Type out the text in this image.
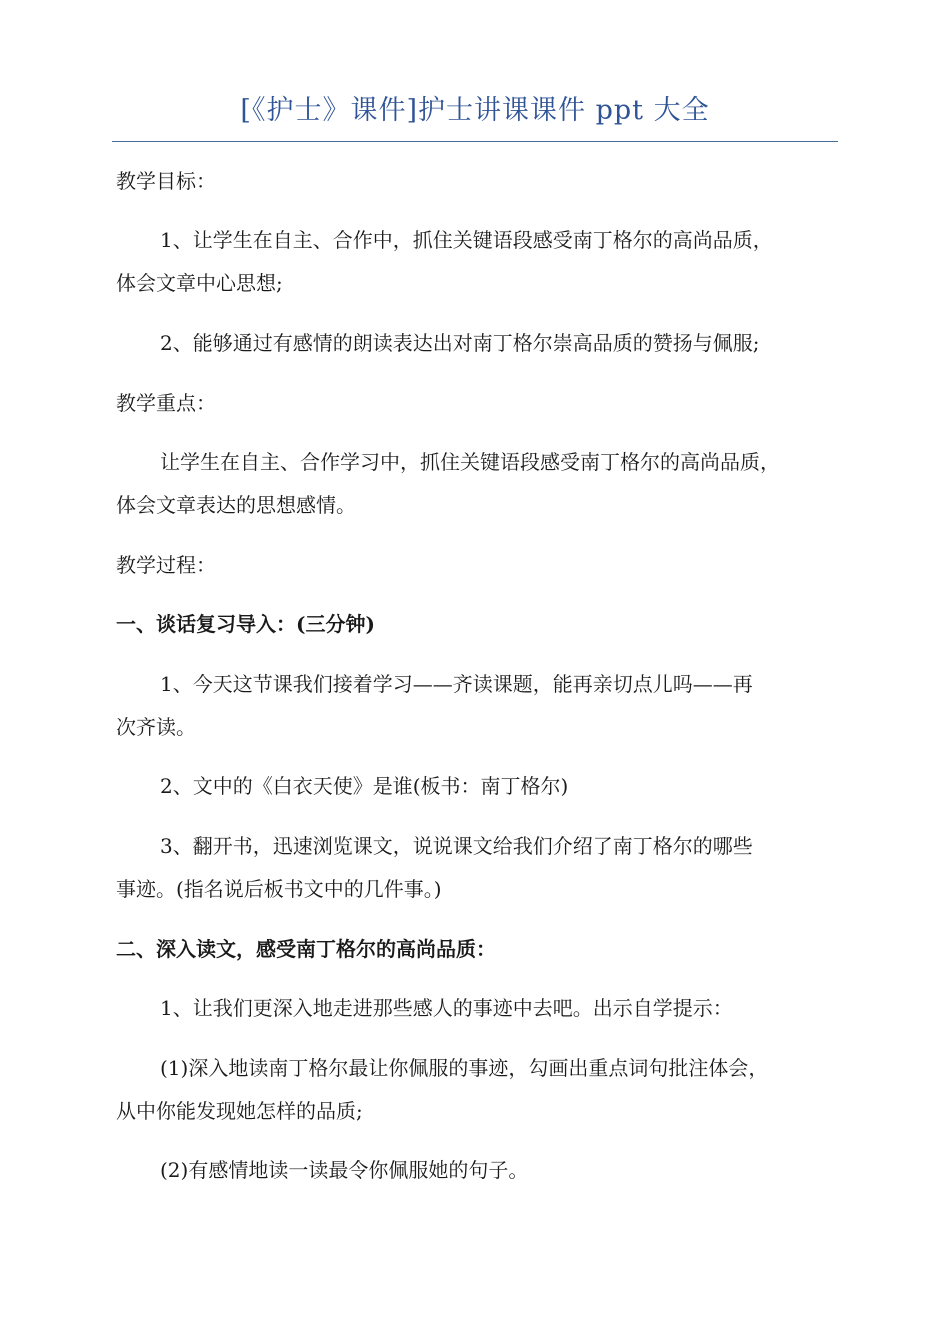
[《护士》课件]护士讲课课件 ppt 大全

教学目标：

1、让学生在自主、合作中，抓住关键语段感受南丁格尔的高尚品质，

体会文章中心思想;

2、能够通过有感情的朗读表达出对南丁格尔崇高品质的赞扬与佩服;

教学重点：

让学生在自主、合作学习中，抓住关键语段感受南丁格尔的高尚品质，

体会文章表达的思想感情。

教学过程：

一、谈话复习导入：(三分钟)

1、今天这节课我们接着学习——齐读课题，能再亲切点儿吗——再

次齐读。

2、文中的《白衣天使》是谁(板书：南丁格尔)

3、翻开书，迅速浏览课文，说说课文给我们介绍了南丁格尔的哪些

事迹。(指名说后板书文中的几件事。)

二、深入读文，感受南丁格尔的高尚品质：

1、让我们更深入地走进那些感人的事迹中去吧。出示自学提示：

(1)深入地读南丁格尔最让你佩服的事迹，勾画出重点词句批注体会，

从中你能发现她怎样的品质;

(2)有感情地读一读最令你佩服她的句子。
